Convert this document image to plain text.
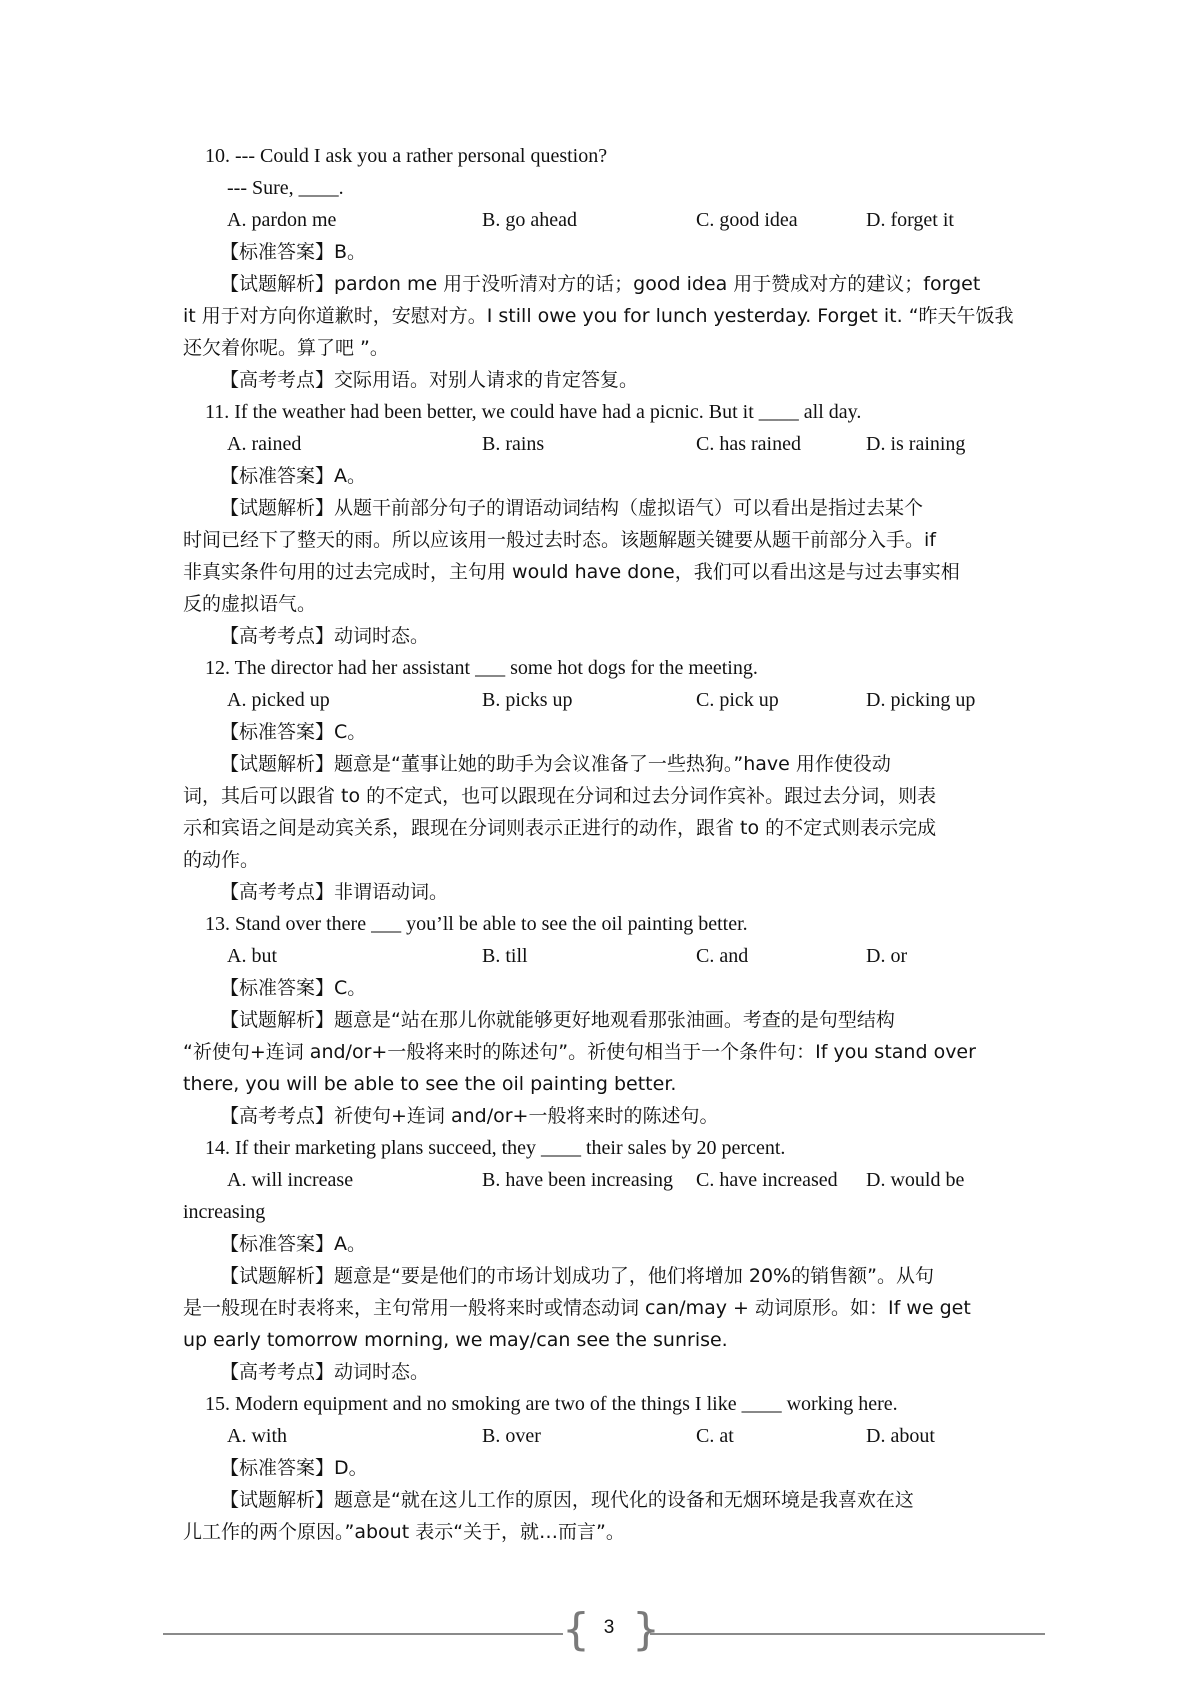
10. --- Could I ask you a rather personal question?
--- Sure, ____.
A. pardon me	B. go ahead	C. good idea	D. forget it
【标准答案】B。
【试题解析】pardon me 用于没听清对方的话；good idea 用于赞成对方的建议；forget
it 用于对方向你道歉时，安慰对方。I still owe you for lunch yesterday. Forget it. “昨天午饭我
还欠着你呢。算了吧 ”。
【高考考点】交际用语。对别人请求的肯定答复。
11. If the weather had been better, we could have had a picnic. But it ____ all day.
A. rained	B. rains	C. has rained	D. is raining
【标准答案】A。
【试题解析】从题干前部分句子的谓语动词结构（虚拟语气）可以看出是指过去某个
时间已经下了整天的雨。所以应该用一般过去时态。该题解题关键要从题干前部分入手。if
非真实条件句用的过去完成时，主句用 would have done，我们可以看出这是与过去事实相
反的虚拟语气。
【高考考点】动词时态。
12. The director had her assistant ___ some hot dogs for the meeting.
A. picked up	B. picks up	C. pick up	D. picking up
【标准答案】C。
【试题解析】题意是“董事让她的助手为会议准备了一些热狗。”have 用作使役动
词，其后可以跟省 to 的不定式，也可以跟现在分词和过去分词作宾补。跟过去分词，则表
示和宾语之间是动宾关系，跟现在分词则表示正进行的动作，跟省 to 的不定式则表示完成
的动作。
【高考考点】非谓语动词。
13. Stand over there ___ you’ll be able to see the oil painting better.
A. but	B. till	C. and	D. or
【标准答案】C。
【试题解析】题意是“站在那儿你就能够更好地观看那张油画。考查的是句型结构
“祈使句+连词 and/or+一般将来时的陈述句”。祈使句相当于一个条件句：If you stand over
there, you will be able to see the oil painting better.
【高考考点】祈使句+连词 and/or+一般将来时的陈述句。
14. If their marketing plans succeed, they ____ their sales by 20 percent.
A. will increase	B. have been increasing C. have increased D. would be
increasing
【标准答案】A。
【试题解析】题意是“要是他们的市场计划成功了，他们将增加 20%的销售额”。从句
是一般现在时表将来，主句常用一般将来时或情态动词 can/may + 动词原形。如：If we get
up early tomorrow morning, we may/can see the sunrise.
【高考考点】动词时态。
15. Modern equipment and no smoking are two of the things I like ____ working here.
A. with	B. over	C. at	D. about
【标准答案】D。
【试题解析】题意是“就在这儿工作的原因，现代化的设备和无烟环境是我喜欢在这
儿工作的两个原因。”about 表示“关于，就…而言”。
{ 3 }
